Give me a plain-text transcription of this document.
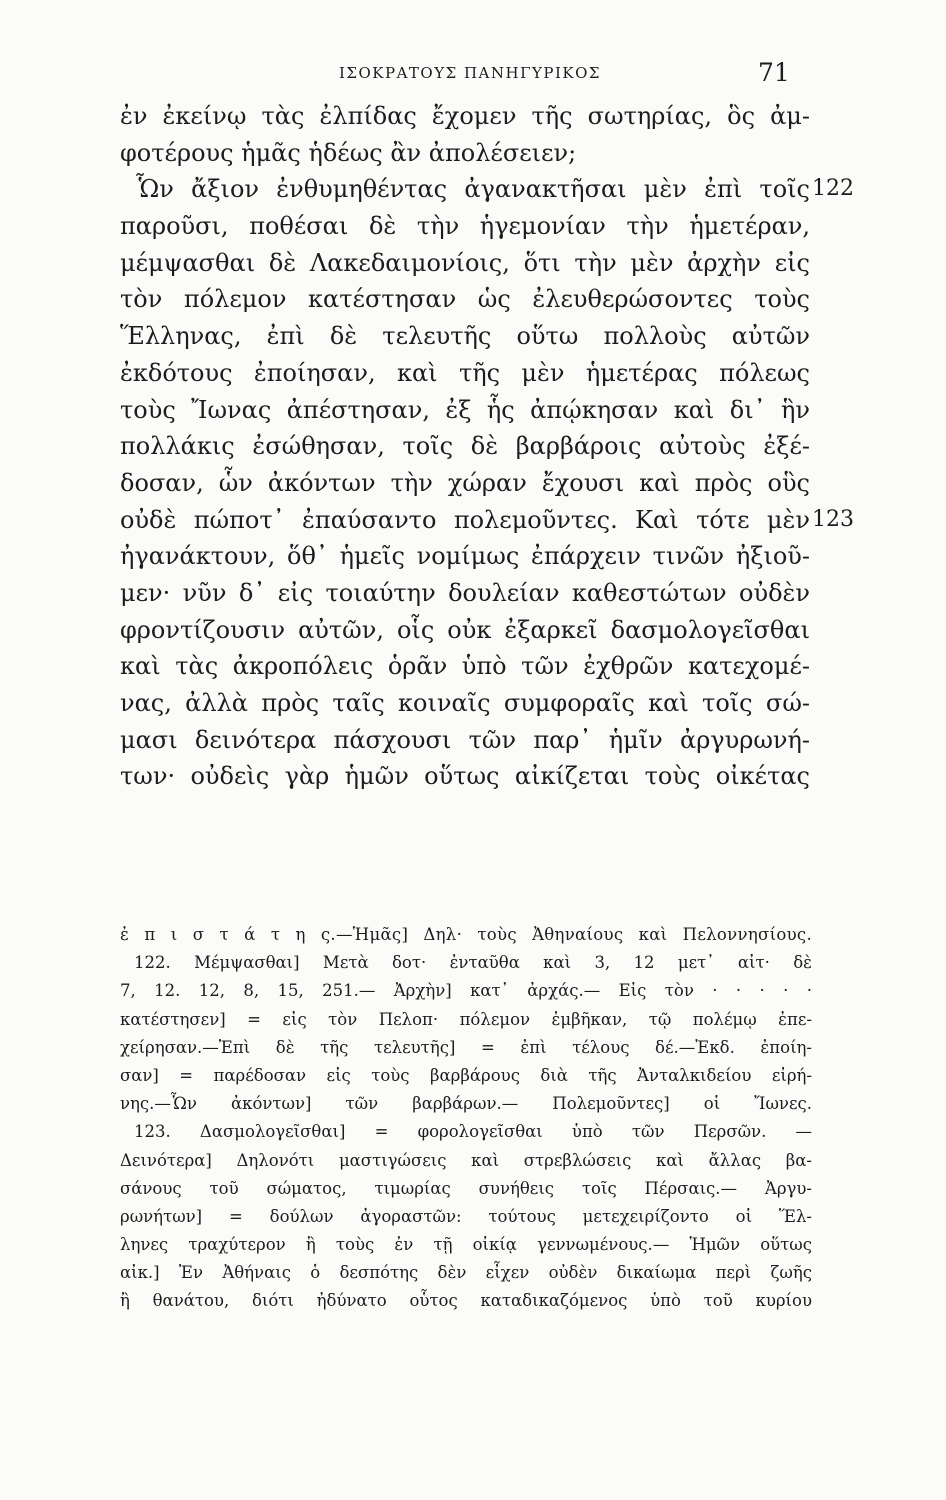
ΙΣΟΚΡΑΤΟΥΣ ΠΑΝΗΓΥΡΙΚΟΣ	71
ἐν ἐκείνῳ τὰς ἐλπίδας ἔχομεν τῆς σωτηρίας, ὃς ἀμ-
φοτέρους ἡμᾶς ἡδέως ἂν ἀπολέσειεν;
Ὧν ἄξιον ἐνθυμηθέντας ἀγανακτῆσαι μὲν ἐπὶ τοῖς 122
παροῦσι, ποθέσαι δὲ τὴν ἡγεμονίαν τὴν ἡμετέραν,
μέμψασθαι δὲ Λακεδαιμονίοις, ὅτι τὴν μὲν ἀρχὴν εἰς
τὸν πόλεμον κατέστησαν ὡς ἐλευθερώσοντες τοὺς
Ἕλληνας, ἐπὶ δὲ τελευτῆς οὕτω πολλοὺς αὐτῶν
ἐκδότους ἐποίησαν, καὶ τῆς μὲν ἡμετέρας πόλεως
τοὺς Ἴωνας ἀπέστησαν, ἐξ ἧς ἀπῴκησαν καὶ δι᾽ ἣν
πολλάκις ἐσώθησαν, τοῖς δὲ βαρβάροις αὐτοὺς ἐξέ-
δοσαν, ὧν ἀκόντων τὴν χώραν ἔχουσι καὶ πρὸς οὓς
οὐδὲ πώποτ᾽ ἐπαύσαντο πολεμοῦντες. Καὶ τότε μὲν 123
ἠγανάκτουν, ὅθ᾽ ἡμεῖς νομίμως ἐπάρχειν τινῶν ἠξιοῦ-
μεν· νῦν δ᾽ εἰς τοιαύτην δουλείαν καθεστώτων οὐδὲν
φροντίζουσιν αὐτῶν, οἷς οὐκ ἐξαρκεῖ δασμολογεῖσθαι
καὶ τὰς ἀκροπόλεις ὁρᾶν ὑπὸ τῶν ἐχθρῶν κατεχομέ-
νας, ἀλλὰ πρὸς ταῖς κοιναῖς συμφοραῖς καὶ τοῖς σώ-
μασι δεινότερα πάσχουσι τῶν παρ᾽ ἡμῖν ἀργυρωνή-
των· οὐδεὶς γὰρ ἡμῶν οὕτως αἰκίζεται τοὺς οἰκέτας
ἐ π ι σ τ ά τ η ς.—Ἡμᾶς] Δηλ· τοὺς Ἀθηναίους καὶ Πελοννησίους.
122. Μέμψασθαι] Μετὰ δοτ· ἐνταῦθα καὶ 3, 12 μετ᾽ αἰτ· δὲ
7, 12. 12, 8, 15, 251.— Ἀρχὴν] κατ᾽ ἀρχάς.— Εἰς τὸν · · · · ·
κατέστησεν] = εἰς τὸν Πελοπ· πόλεμον ἐμβῆκαν, τῷ πολέμῳ ἐπε-
χείρησαν.—Ἐπὶ δὲ τῆς τελευτῆς] = ἐπὶ τέλους δέ.—Ἐκδ. ἐποίη-
σαν] = παρέδοσαν εἰς τοὺς βαρβάρους διὰ τῆς Ἀνταλκιδείου εἰρή-
νης.—Ὧν ἀκόντων] τῶν βαρβάρων.— Πολεμοῦντες] οἱ Ἴωνες.
123. Δασμολογεῖσθαι] = φορολογεῖσθαι ὑπὸ τῶν Περσῶν. —
Δεινότερα] Δηλονότι μαστιγώσεις καὶ στρεβλώσεις καὶ ἄλλας βα-
σάνους τοῦ σώματος, τιμωρίας συνήθεις τοῖς Πέρσαις.— Ἀργυ-
ρωνήτων] = δούλων ἀγοραστῶν: τούτους μετεχειρίζοντο οἱ Ἕλ-
ληνες τραχύτερον ἢ τοὺς ἐν τῇ οἰκίᾳ γεννωμένους.— Ἡμῶν οὕτως
αἰκ.] Ἐν Ἀθήναις ὁ δεσπότης δὲν εἶχεν οὐδὲν δικαίωμα περὶ ζωῆς
ἢ θανάτου, διότι ἠδύνατο οὗτος καταδικαζόμενος ὑπὸ τοῦ κυρίου
